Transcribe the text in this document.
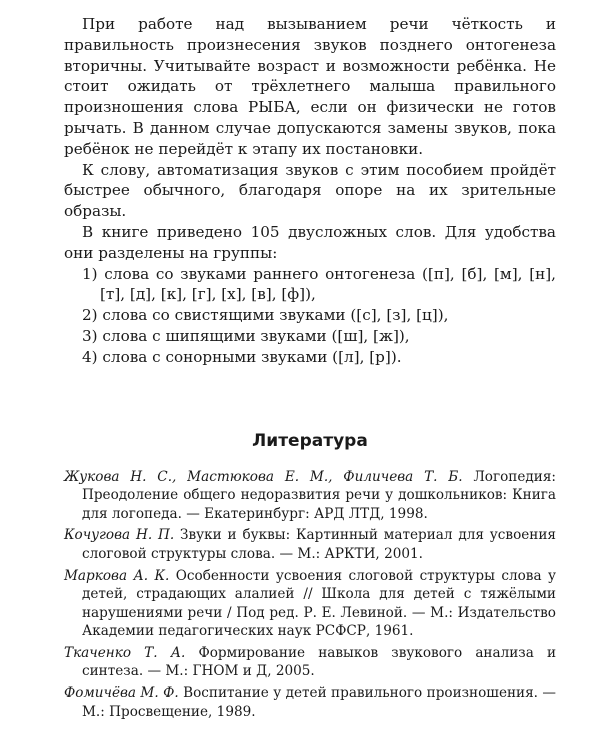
При работе над вызыванием речи чёткость и правильность произнесения звуков позднего онтогенеза вторичны. Учитывайте возраст и возможности ребёнка. Не стоит ожидать от трёхлетнего малыша правильного произношения слова РЫБА, если он физически не готов рычать. В данном случае допускаются замены звуков, пока ребёнок не перейдёт к этапу их постановки.

К слову, автоматизация звуков с этим пособием пройдёт быстрее обычного, благодаря опоре на их зрительные образы.

В книге приведено 105 двусложных слов. Для удобства они разделены на группы:

1) слова со звуками раннего онтогенеза ([п], [б], [м], [н], [т], [д], [к], [г], [х], [в], [ф]),
2) слова со свистящими звуками ([с], [з], [ц]),
3) слова с шипящими звуками ([ш], [ж]),
4) слова с сонорными звуками ([л], [р]).
Литература
Жукова Н. С., Мастюкова Е. М., Филичева Т. Б. Логопедия: Преодоление общего недоразвития речи у дошкольников: Книга для логопеда. — Екатеринбург: АРД ЛТД, 1998.
Кочугова Н. П. Звуки и буквы: Картинный материал для усвоения слоговой структуры слова. — М.: АРКТИ, 2001.
Маркова А. К. Особенности усвоения слоговой структуры слова у детей, страдающих алалией // Школа для детей с тяжёлыми нарушениями речи / Под ред. Р. Е. Левиной. — М.: Издательство Академии педагогических наук РСФСР, 1961.
Ткаченко Т. А. Формирование навыков звукового анализа и синтеза. — М.: ГНОМ и Д, 2005.
Фомичёва М. Ф. Воспитание у детей правильного произношения. — М.: Просвещение, 1989.
